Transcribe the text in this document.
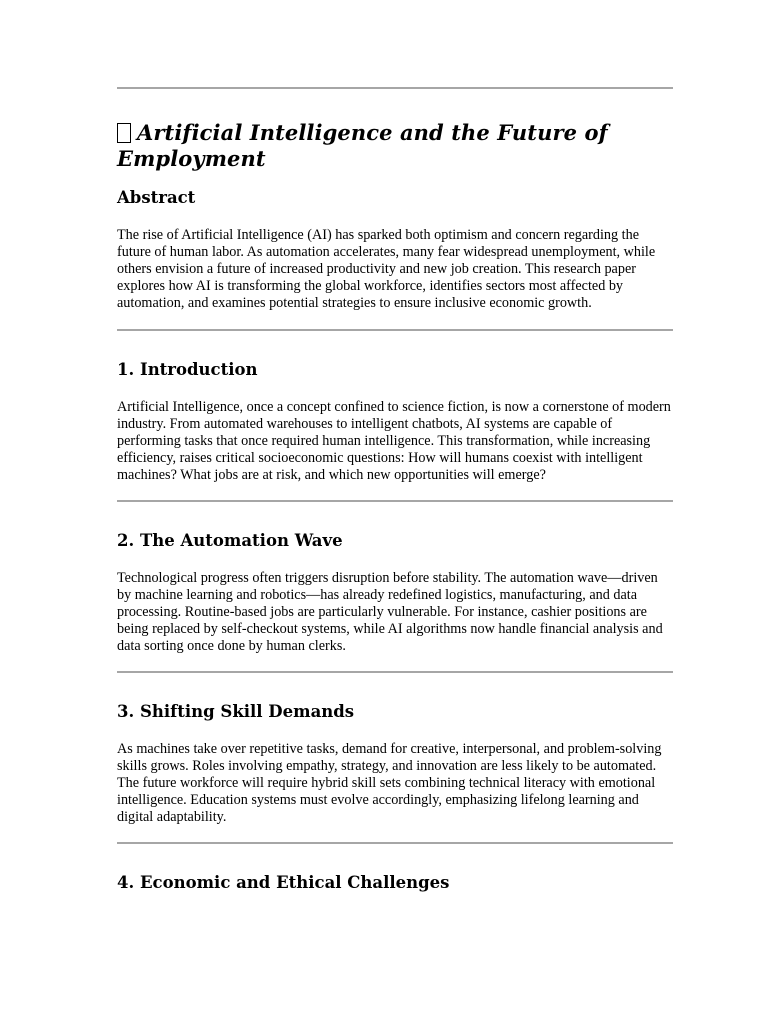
Artificial Intelligence and the Future of Employment
Abstract

The rise of Artificial Intelligence (AI) has sparked both optimism and concern regarding the future of human labor. As automation accelerates, many fear widespread unemployment, while others envision a future of increased productivity and new job creation. This research paper explores how AI is transforming the global workforce, identifies sectors most affected by automation, and examines potential strategies to ensure inclusive economic growth.

1. Introduction

Artificial Intelligence, once a concept confined to science fiction, is now a cornerstone of modern industry. From automated warehouses to intelligent chatbots, AI systems are capable of performing tasks that once required human intelligence. This transformation, while increasing efficiency, raises critical socioeconomic questions: How will humans coexist with intelligent machines? What jobs are at risk, and which new opportunities will emerge?

2. The Automation Wave

Technological progress often triggers disruption before stability. The automation wave—driven by machine learning and robotics—has already redefined logistics, manufacturing, and data processing. Routine-based jobs are particularly vulnerable. For instance, cashier positions are being replaced by self-checkout systems, while AI algorithms now handle financial analysis and data sorting once done by human clerks.

3. Shifting Skill Demands

As machines take over repetitive tasks, demand for creative, interpersonal, and problem-solving skills grows. Roles involving empathy, strategy, and innovation are less likely to be automated. The future workforce will require hybrid skill sets combining technical literacy with emotional intelligence. Education systems must evolve accordingly, emphasizing lifelong learning and digital adaptability.

4. Economic and Ethical Challenges
